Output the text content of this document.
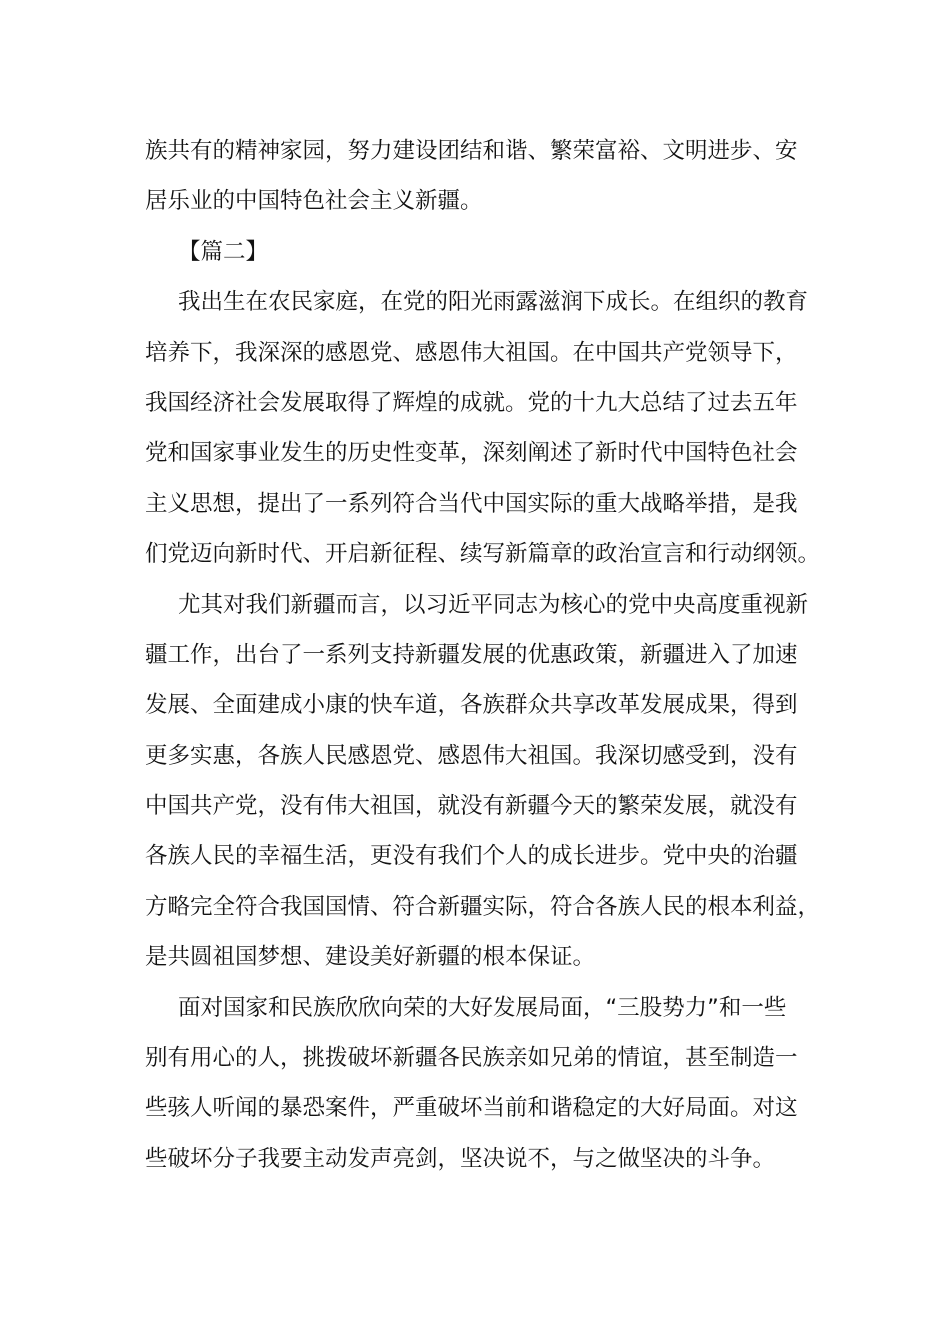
族共有的精神家园，努力建设团结和谐、繁荣富裕、文明进步、安
居乐业的中国特色社会主义新疆。
【篇二】
我出生在农民家庭，在党的阳光雨露滋润下成长。在组织的教育
培养下，我深深的感恩党、感恩伟大祖国。在中国共产党领导下，
我国经济社会发展取得了辉煌的成就。党的十九大总结了过去五年
党和国家事业发生的历史性变革，深刻阐述了新时代中国特色社会
主义思想，提出了一系列符合当代中国实际的重大战略举措，是我
们党迈向新时代、开启新征程、续写新篇章的政治宣言和行动纲领。
尤其对我们新疆而言，以习近平同志为核心的党中央高度重视新
疆工作，出台了一系列支持新疆发展的优惠政策，新疆进入了加速
发展、全面建成小康的快车道，各族群众共享改革发展成果，得到
更多实惠，各族人民感恩党、感恩伟大祖国。我深切感受到，没有
中国共产党，没有伟大祖国，就没有新疆今天的繁荣发展，就没有
各族人民的幸福生活，更没有我们个人的成长进步。党中央的治疆
方略完全符合我国国情、符合新疆实际，符合各族人民的根本利益，
是共圆祖国梦想、建设美好新疆的根本保证。
面对国家和民族欣欣向荣的大好发展局面，“三股势力”和一些
别有用心的人，挑拨破坏新疆各民族亲如兄弟的情谊，甚至制造一
些骇人听闻的暴恐案件，严重破坏当前和谐稳定的大好局面。对这
些破坏分子我要主动发声亮剑，坚决说不，与之做坚决的斗争。
